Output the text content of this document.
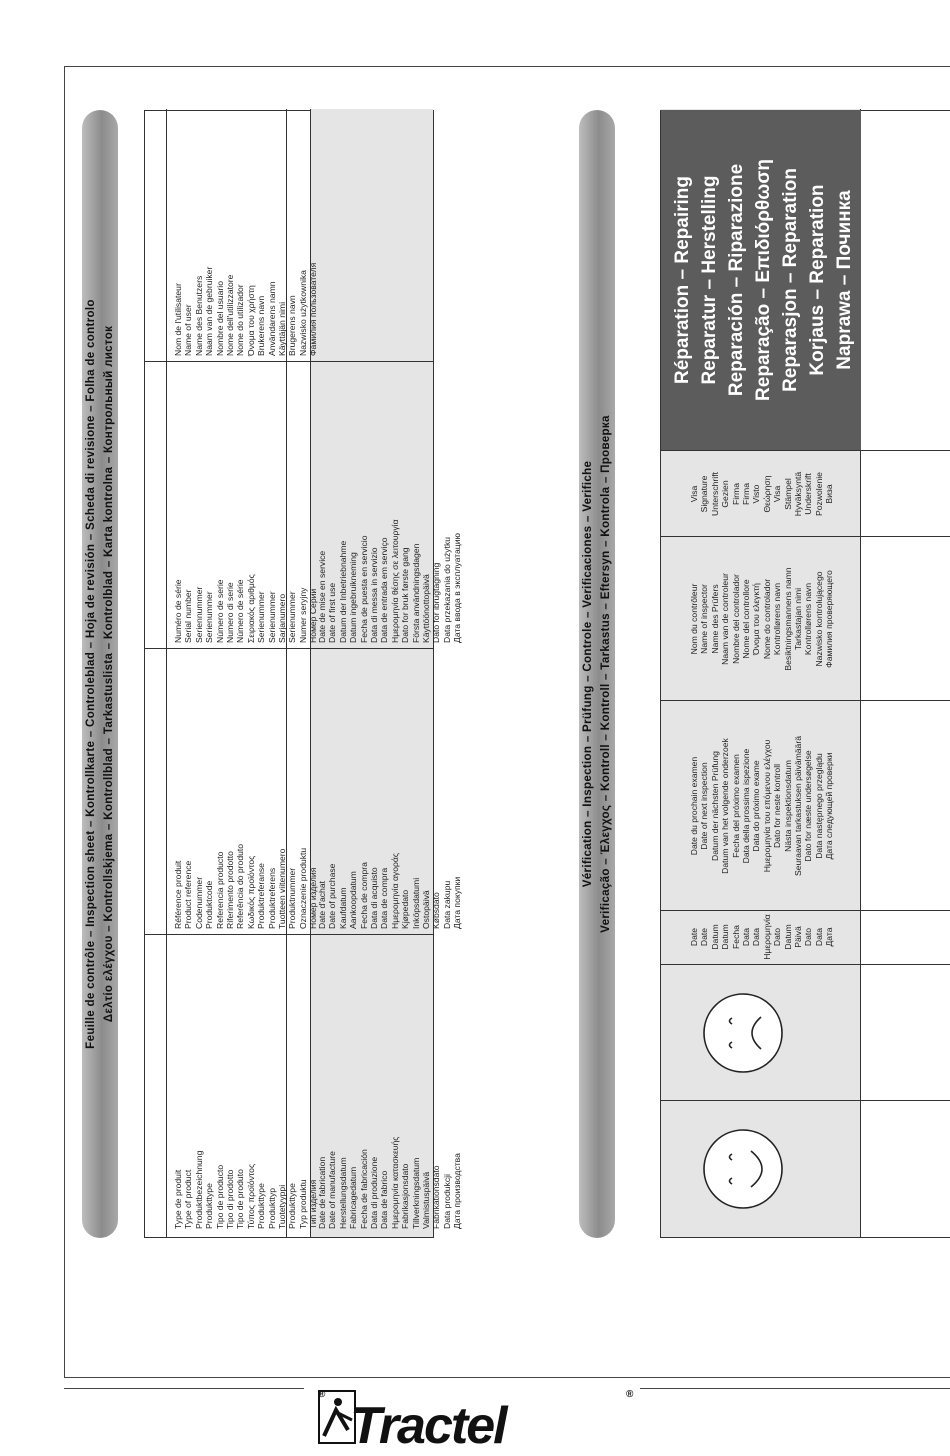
Feuille de contrôle – Inspection sheet – Kontrollkarte – Controleblad – Hoja de revisión – Scheda di revisione – Folha de controlo Δελτίο ελέγχου – Kontrollskjema – Kontrollblad – Tarkastuslista – Kontrolblad – Karta kontrolna – Контрольный листок
Type de produit Type of product Produktbezeichnung Produkttype Tipo de producto Tipo di prodotto Tipo de produto Τύπος προϊόντος Produkttype Produkttyp Tuotetyyppi Produkttype Typ produktu Тип изделия
Référence produit Product reference Codenummer Produktcode Referencia producto Riferimento prodotto Referência do produto Κωδικός προϊόντος Produktreferanse Produktreferens Tuotteen viitenumero Produktnummer Oznaczenie produktu Номер изделия
Numéro de série Serial number Seriennummer Serienummer Número de serie Numero di serie Número de série Σειριακός αριθμός Serienummer Serienummer Sarjanumero Serienummer Numer seryjny Номер Серии
Nom de l'utilisateur Name of user Name des Benutzers Naam van de gebruiker Nombre del usuario Nome dell'utilizzatore Nome do utilizador Όνομα του χρήστη Brukerens navn Användarens namn Käyttäjän nimi Brugerens navn Nazwisko użytkownika Фамилия пользователя
Date de fabrication Date of manufacture Herstellungsdatum Fabricagedatum Fecha de fabricación Data di produzione Data de fabrico Ημερομηνία κατασκευής Fabrikasjonsdato Tillverkningsdatum Valmistuspäivä Fabrikationsdato Data produkcji Дата производства
Date d'achat Date of purchase Kaufdatum Aankoopdatum Fecha de compra Data di acquisto Data de compra Ημερομηνία αγοράς Kjøpedato Inköpsdatumi Ostopäivä Købsdato Data zakupu Дата покупки
Date de mise en service Date of first use Datum der Inbetriebnahme Datum ingebruikneming Fecha de puesta en servicio Data di messa in servizio Data de entrada em serviço Ημερομηνία θέσης σε λειτουργία Dato for bruk første gang Första användningsdagen Käyttöönottopäivä Dato for ibrugtagning Data przekazania do użytku Дата ввода в эксплуатацию	Vérification – Inspection – Prüfung – Controle – Verificaciones – Verifiche Verificação – Έλεγχος – Kontroll – Kontroll – Tarkastus – Eftersyn – Kontrola – Проверка
Date Date Datum Datum Fecha Data Data Ημερομηνία Dato Datum Päivä Dato Data Дата
Date du prochain examen Date of next inspection Datum der nächsten Prüfung Datum van het volgende onderzoek Fecha del próximo examen Data della prossima ispezione Data do próximo exame Ημερομηνία του επόμενου ελέγχου Dato for neste kontroll Nästa inspektionsdatum Seuraavan tarkastuksen päivämäärä Dato for næste undersøgelse Data następnego przeglądu Дата следующей проверки
Nom du contrôleur Name of inspector Name des Prüfers Naam van de controleur Nombre del controlador Nome del controllore Όνομα του ελεγκτή Nome do controlador Kontrollørens navn Besiktningsmannens namn Tarkastajan nimi Kontrollørens navn Nazwisko kontrolującego Фамилия проверяющего
Visa Signature Unterschrift Gezien Firma Firma Visto Θεώρηση Visa Stämpel Hyväksyntä Underskrift Pozwolenie Виза
Réparation – Repairing Reparatur – Herstelling Reparación – Riparazione Reparação – Επιδιόρθωση Reparasjon – Reparation Korjaus – Reparation Naprawa – Починка
Tractel
®	®
